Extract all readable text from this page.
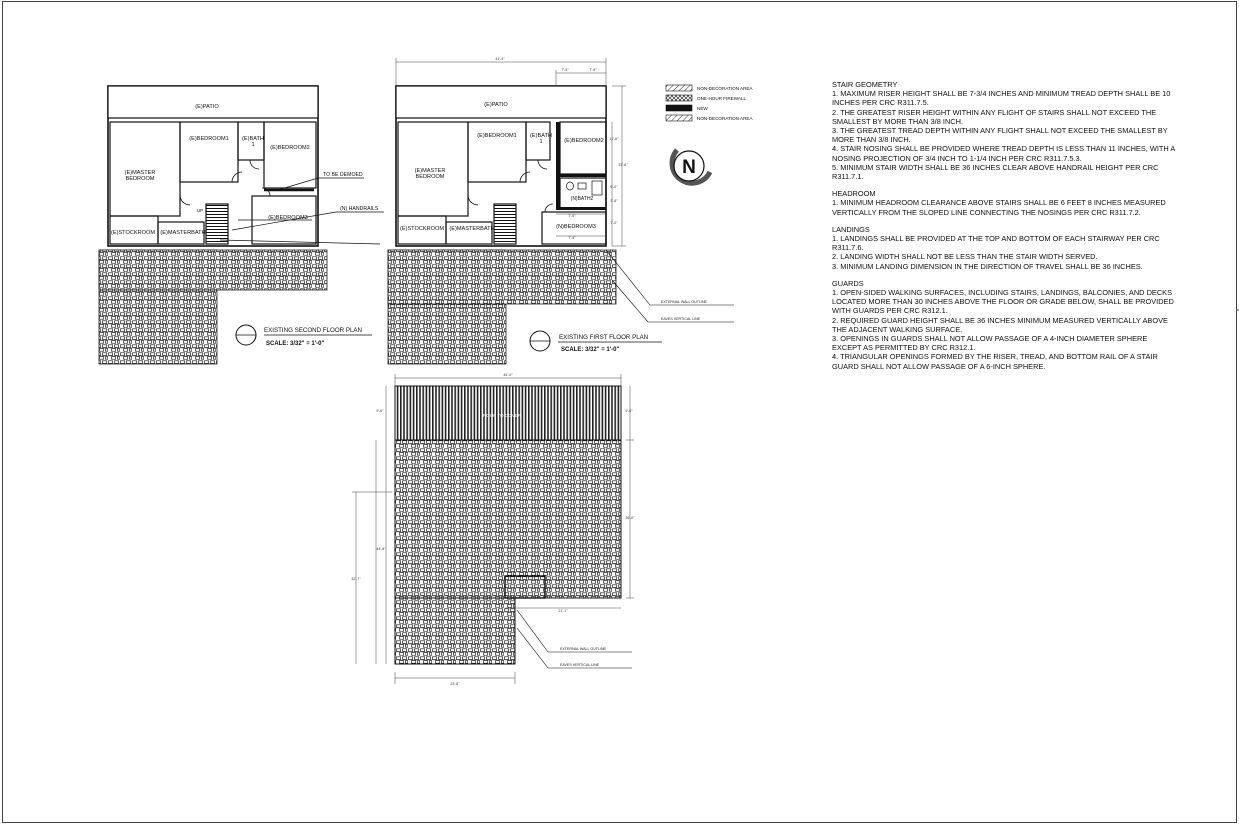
(E)PATIO
(E)MASTER BEDROOM
(E)BEDROOM1 (E)BATH 1	(E)BEDROOM2
(E)BEDROOM3
(E)STOCKROOM (E)MASTERBATH
UP
TO BE DEMOED
(N) HANDRAILS
EXISTING SECOND FLOOR PLAN
SCALE: 3/32" = 1'-0"
(E)PATIO
(E)MASTER BEDROOM
(E)BEDROOM1 (E)BATH 1	(E)BEDROOM2
(N)BATH2
(N)BEDROOM3
(E)STOCKROOM (E)MASTERBATH
41'-4"
7'-9"	7'-9"
11'-6"
31'-6"
6'-0"
3'-6"
7'-0"
7'-0"
7'-4"
EXTERNAL WALL OUTLINE
EAVES VERTICAL LINE
EXISTING FIRST FLOOR PLAN
SCALE: 3/32" = 1'-0"
NON-DECORATION AREA
ONE-HOUR FIREWALL
NEW
NON-DECORATION AREA
N
ROOF TO COVER
44'-0"
9'-6"
44'-8"
32'-7"
9'-0"
36'-0"
21'-1"
23'-6"
EXTERNAL WALL OUTLINE
EAVES VERTICAL LINE
STAIR GEOMETRY
1. MAXIMUM RISER HEIGHT SHALL BE 7-3/4 INCHES AND MINIMUM TREAD DEPTH SHALL BE 10
INCHES PER CRC R311.7.5.
2. THE GREATEST RISER HEIGHT WITHIN ANY FLIGHT OF STAIRS SHALL NOT EXCEED THE
SMALLEST BY MORE THAN 3/8 INCH.
3. THE GREATEST TREAD DEPTH WITHIN ANY FLIGHT SHALL NOT EXCEED THE SMALLEST BY
MORE THAN 3/8 INCH.
4. STAIR NOSING SHALL BE PROVIDED WHERE TREAD DEPTH IS LESS THAN 11 INCHES, WITH A
NOSING PROJECTION OF 3/4 INCH TO 1-1/4 INCH PER CRC R311.7.5.3.
5. MINIMUM STAIR WIDTH SHALL BE 36 INCHES CLEAR ABOVE HANDRAIL HEIGHT PER CRC
R311.7.1.
HEADROOM
1. MINIMUM HEADROOM CLEARANCE ABOVE STAIRS SHALL BE 6 FEET 8 INCHES MEASURED
VERTICALLY FROM THE SLOPED LINE CONNECTING THE NOSINGS PER CRC R311.7.2.
LANDINGS
1. LANDINGS SHALL BE PROVIDED AT THE TOP AND BOTTOM OF EACH STAIRWAY PER CRC
R311.7.6.
2. LANDING WIDTH SHALL NOT BE LESS THAN THE STAIR WIDTH SERVED.
3. MINIMUM LANDING DIMENSION IN THE DIRECTION OF TRAVEL SHALL BE 36 INCHES.
GUARDS
1. OPEN-SIDED WALKING SURFACES, INCLUDING STAIRS, LANDINGS, BALCONIES, AND DECKS
LOCATED MORE THAN 30 INCHES ABOVE THE FLOOR OR GRADE BELOW, SHALL BE PROVIDED
WITH GUARDS PER CRC R312.1.
2. REQUIRED GUARD HEIGHT SHALL BE 36 INCHES MINIMUM MEASURED VERTICALLY ABOVE
THE ADJACENT WALKING SURFACE.
3. OPENINGS IN GUARDS SHALL NOT ALLOW PASSAGE OF A 4-INCH DIAMETER SPHERE
EXCEPT AS PERMITTED BY CRC R312.1.
4. TRIANGULAR OPENINGS FORMED BY THE RISER, TREAD, AND BOTTOM RAIL OF A STAIR
GUARD SHALL NOT ALLOW PASSAGE OF A 6-INCH SPHERE.
